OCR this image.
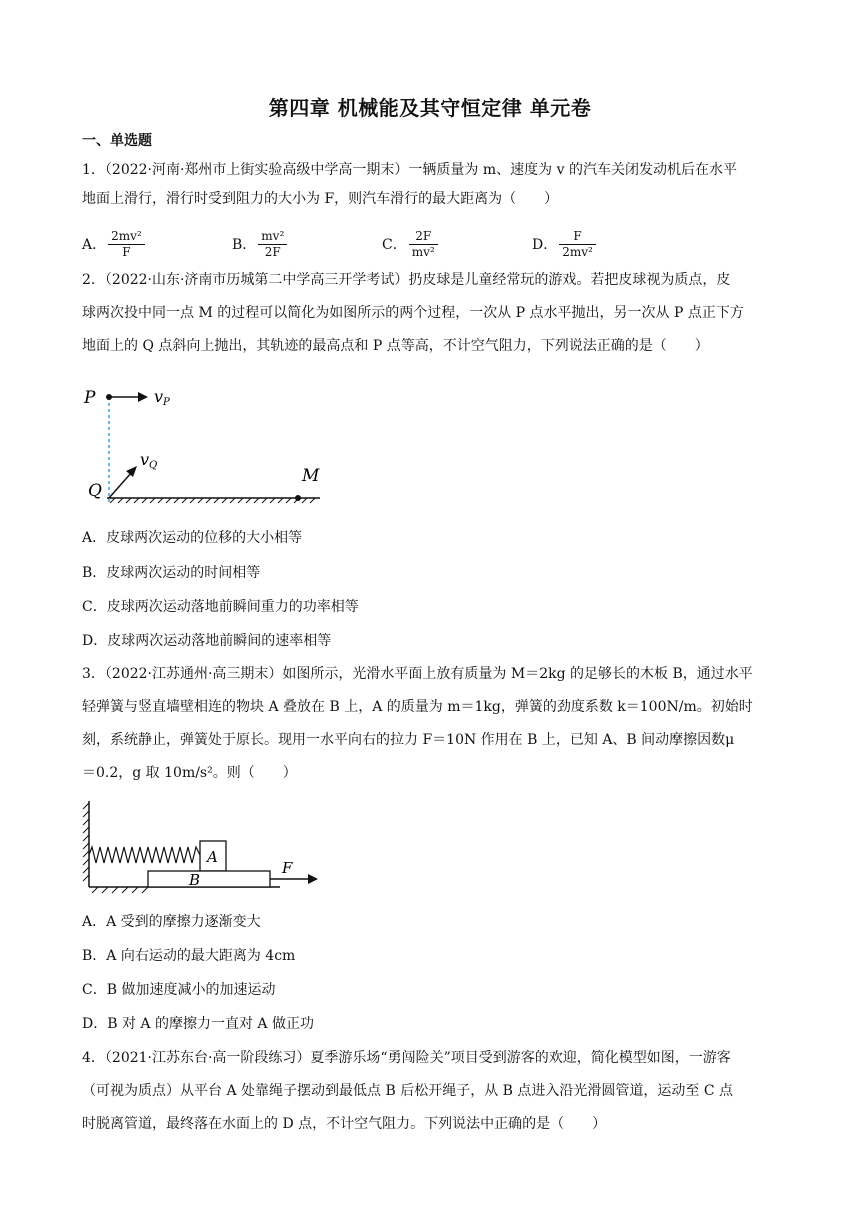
第四章 机械能及其守恒定律 单元卷
一、单选题
1．（2022·河南·郑州市上街实验高级中学高一期末）一辆质量为 m、速度为 v 的汽车关闭发动机后在水平
地面上滑行，滑行时受到阻力的大小为 F，则汽车滑行的最大距离为（　　）
A． $\frac{\text{2mv²}}{F}$	B． $\frac{\text{mv²}}{2F}$	C． $\frac{2F}{\text{mv²}}$	D． $\frac{F}{\text{2mv²}}$
2．（2022·山东·济南市历城第二中学高三开学考试）扔皮球是儿童经常玩的游戏。若把皮球视为质点，皮
球两次投中同一点 M 的过程可以简化为如图所示的两个过程，一次从 P 点水平抛出，另一次从 P 点正下方
地面上的 Q 点斜向上抛出，其轨迹的最高点和 P 点等高，不计空气阻力，下列说法正确的是（　　）
P	vP
vQ
Q
M
A．皮球两次运动的位移的大小相等
B．皮球两次运动的时间相等
C．皮球两次运动落地前瞬间重力的功率相等
D．皮球两次运动落地前瞬间的速率相等
3．（2022·江苏通州·高三期末）如图所示，光滑水平面上放有质量为 M＝2kg 的足够长的木板 B，通过水平
轻弹簧与竖直墙壁相连的物块 A 叠放在 B 上，A 的质量为 m＝1kg，弹簧的劲度系数 k＝100N/m。初始时
刻，系统静止，弹簧处于原长。现用一水平向右的拉力 F＝10N 作用在 B 上，已知 A、B 间动摩擦因数μ
＝0.2，g 取 10m/s²。则（　　）
A
B
F
A．A 受到的摩擦力逐渐变大
B．A 向右运动的最大距离为 4cm
C．B 做加速度减小的加速运动
D．B 对 A 的摩擦力一直对 A 做正功
4．（2021·江苏东台·高一阶段练习）夏季游乐场“勇闯险关”项目受到游客的欢迎，简化模型如图，一游客
（可视为质点）从平台 A 处靠绳子摆动到最低点 B 后松开绳子，从 B 点进入沿光滑圆管道，运动至 C 点
时脱离管道，最终落在水面上的 D 点，不计空气阻力。下列说法中正确的是（　　）
